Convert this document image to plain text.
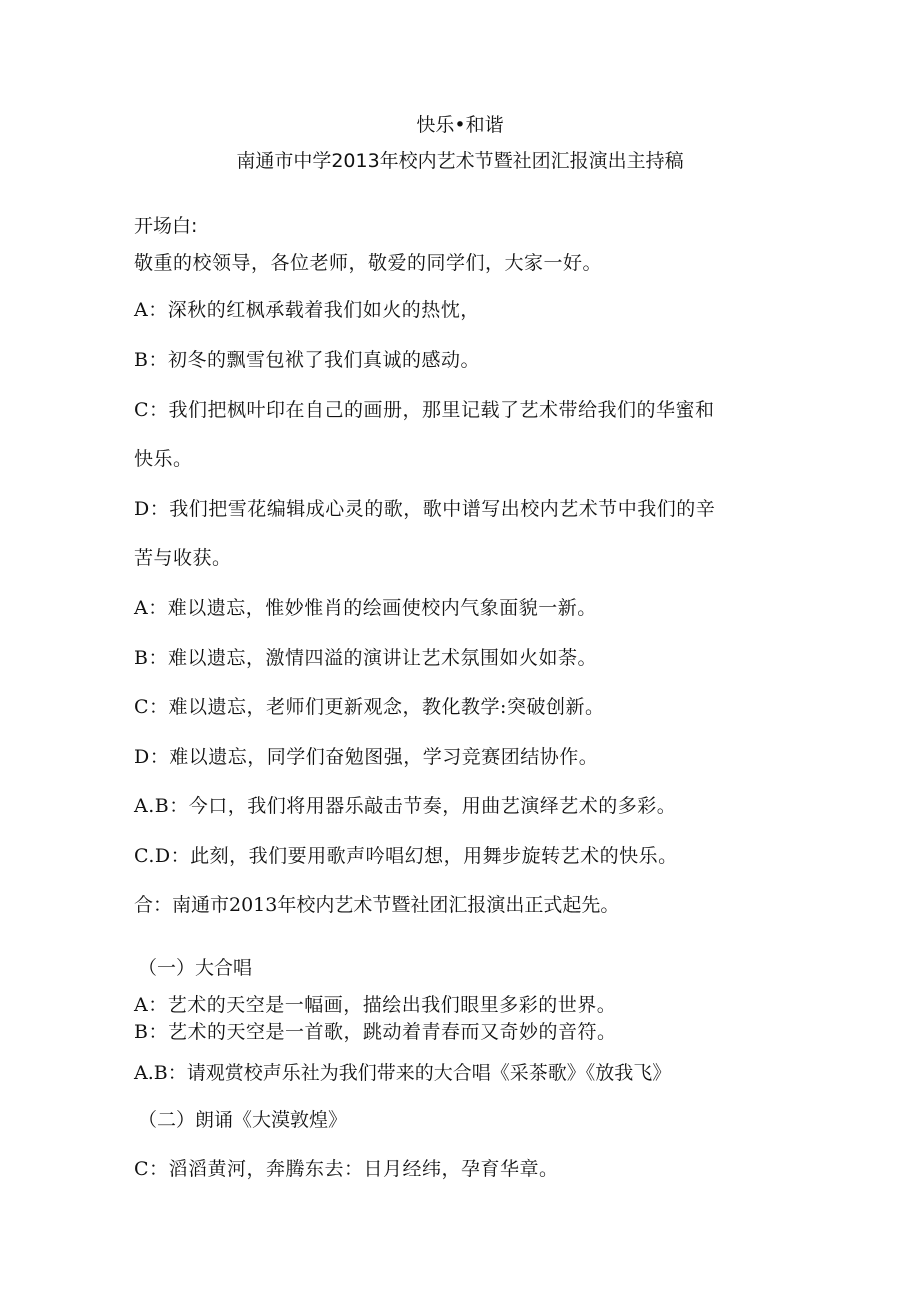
快乐•和谐
南通市中学2013年校内艺术节暨社团汇报演出主持稿
开场白:
敬重的校领导，各位老师，敬爱的同学们，大家一好。
A：深秋的红枫承载着我们如火的热忱，
B：初冬的飘雪包袱了我们真诚的感动。
C：我们把枫叶印在自己的画册，那里记载了艺术带给我们的华蜜和
快乐。
D：我们把雪花编辑成心灵的歌，歌中谱写出校内艺术节中我们的辛
苦与收获。
A：难以遗忘，惟妙惟肖的绘画使校内气象面貌一新。
B：难以遗忘，激情四溢的演讲让艺术氛围如火如荼。
C：难以遗忘，老师们更新观念，教化教学:突破创新。
D：难以遗忘，同学们奋勉图强，学习竞赛团结协作。
A.B：今口，我们将用器乐敲击节奏，用曲艺演绎艺术的多彩。
C.D：此刻，我们要用歌声吟唱幻想，用舞步旋转艺术的快乐。
合：南通市2013年校内艺术节暨社团汇报演出正式起先。
（一）大合唱
A：艺术的天空是一幅画，描绘出我们眼里多彩的世界。
B：艺术的天空是一首歌，跳动着青春而又奇妙的音符。
A.B：请观赏校声乐社为我们带来的大合唱《采茶歌》《放我飞》
（二）朗诵《大漠敦煌》
C：滔滔黄河，奔腾东去：日月经纬，孕育华章。
